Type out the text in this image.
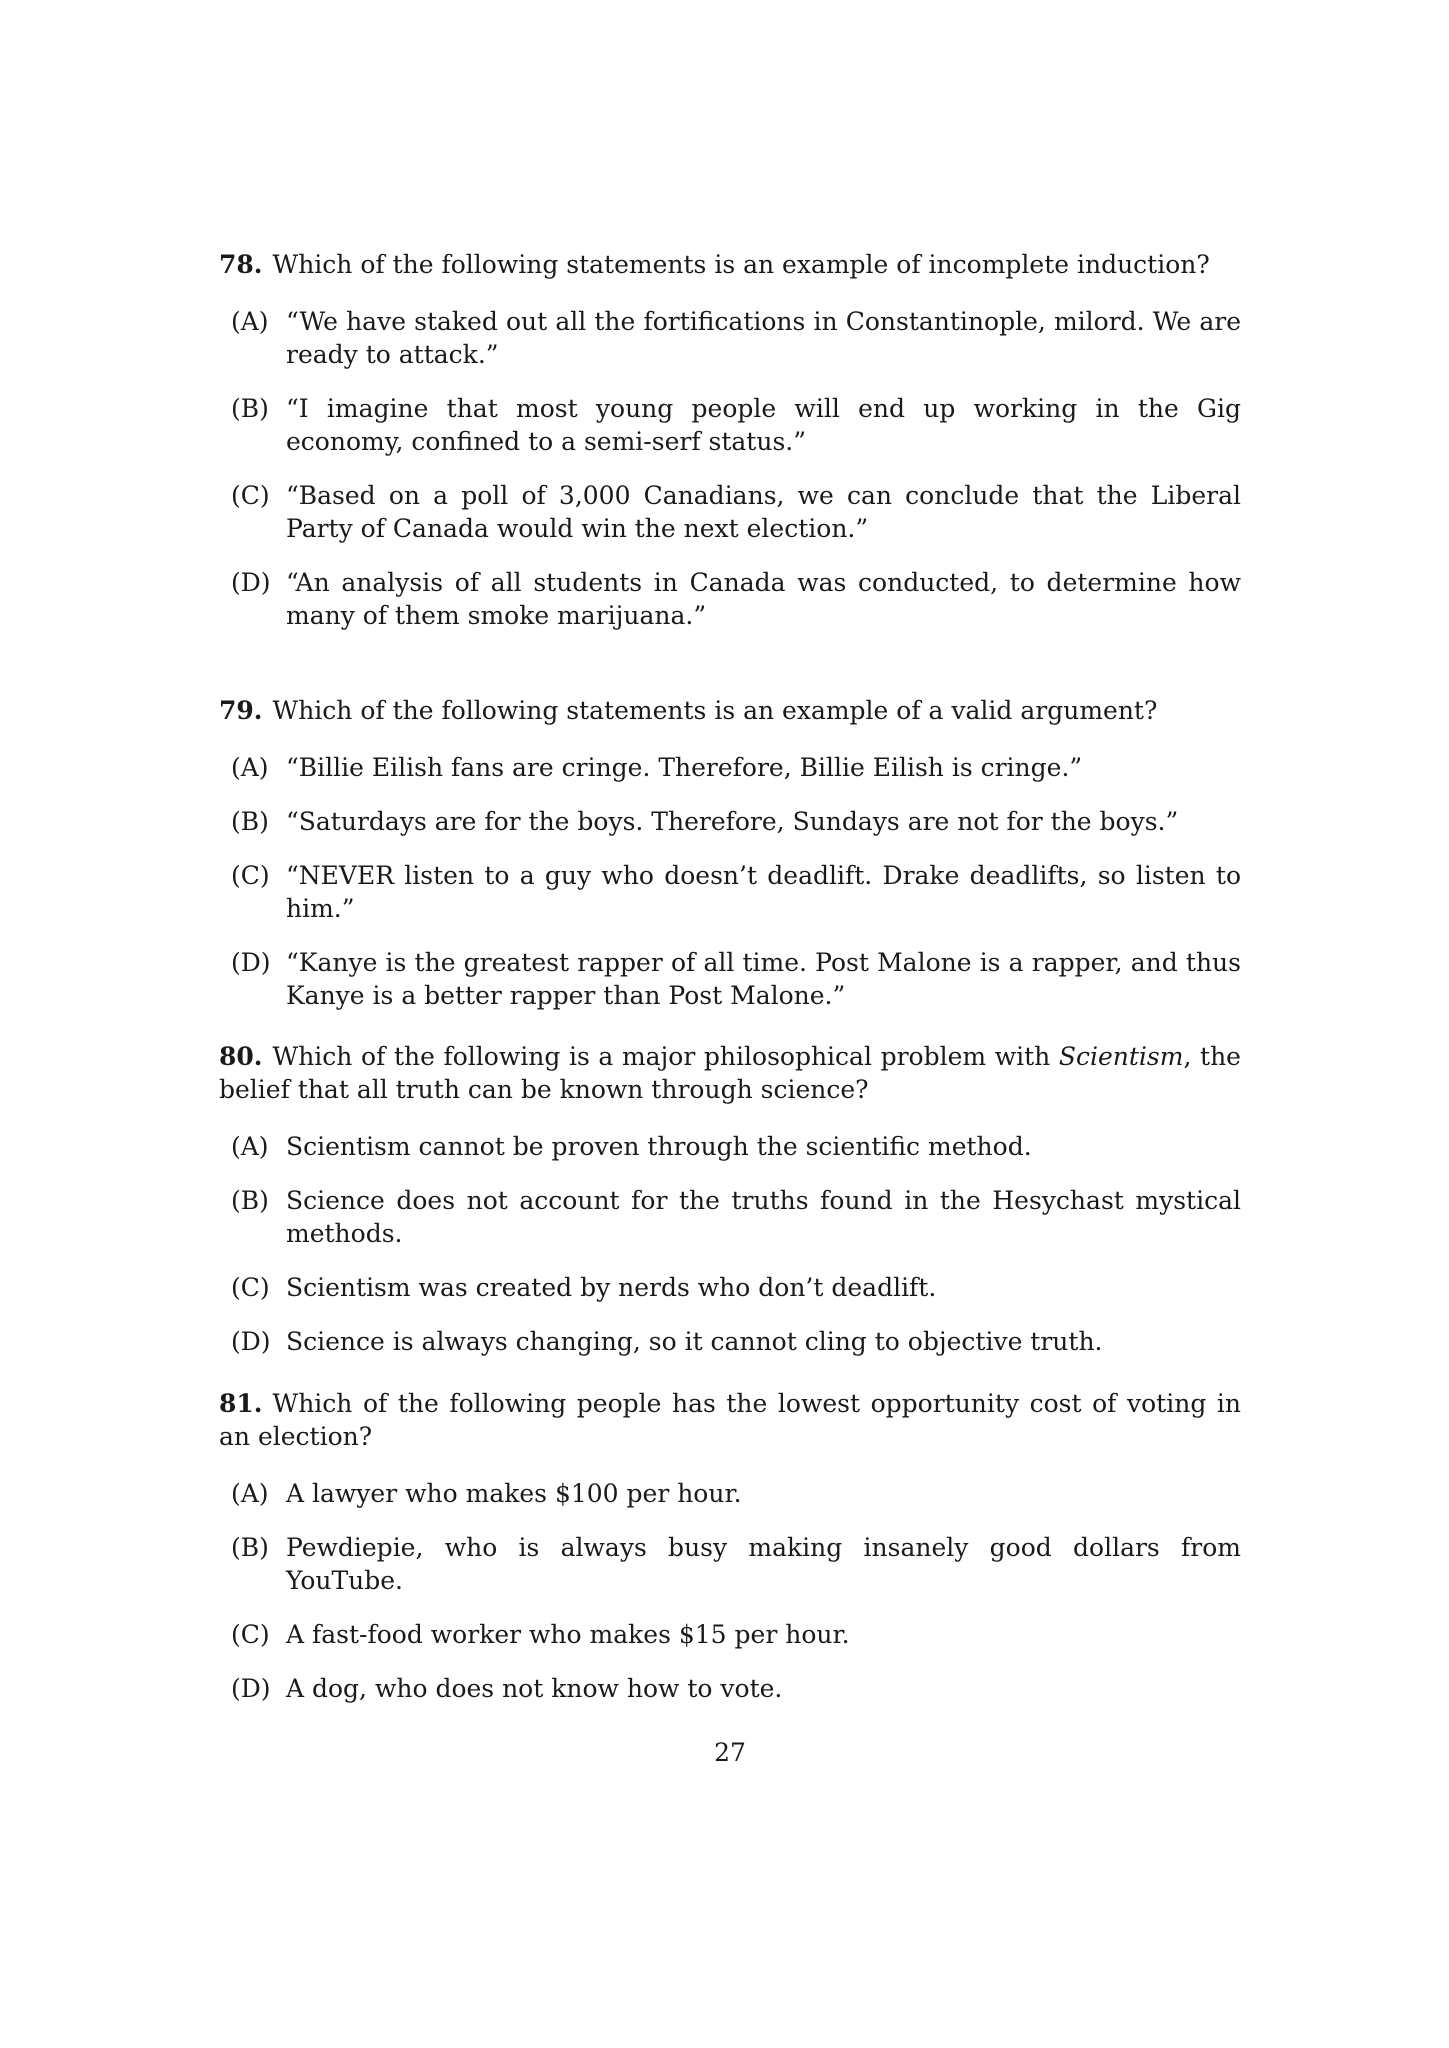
78. Which of the following statements is an example of incomplete induction?

(A) “We have staked out all the fortifications in Constantinople, milord. We are ready to attack.”
(B) “I imagine that most young people will end up working in the Gig economy, confined to a semi-serf status.”
(C) “Based on a poll of 3,000 Canadians, we can conclude that the Liberal Party of Canada would win the next election.”
(D) “An analysis of all students in Canada was conducted, to determine how many of them smoke marijuana.”

79. Which of the following statements is an example of a valid argument?

(A) “Billie Eilish fans are cringe. Therefore, Billie Eilish is cringe.”
(B) “Saturdays are for the boys. Therefore, Sundays are not for the boys.”
(C) “NEVER listen to a guy who doesn’t deadlift. Drake deadlifts, so listen to him.”
(D) “Kanye is the greatest rapper of all time. Post Malone is a rapper, and thus Kanye is a better rapper than Post Malone.”

80. Which of the following is a major philosophical problem with Scientism, the belief that all truth can be known through science?

(A) Scientism cannot be proven through the scientific method.
(B) Science does not account for the truths found in the Hesychast mystical methods.
(C) Scientism was created by nerds who don’t deadlift.
(D) Science is always changing, so it cannot cling to objective truth.

81. Which of the following people has the lowest opportunity cost of voting in an election?

(A) A lawyer who makes $100 per hour.
(B) Pewdiepie, who is always busy making insanely good dollars from YouTube.
(C) A fast-food worker who makes $15 per hour.
(D) A dog, who does not know how to vote.
27
